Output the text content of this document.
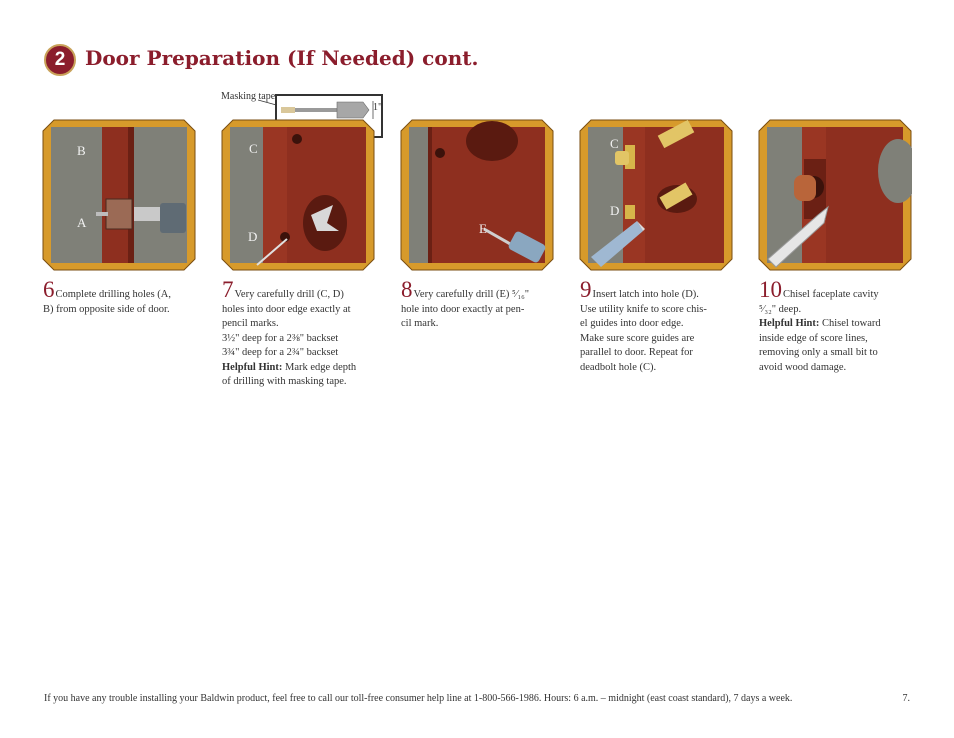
2 Door Preparation (If Needed) cont.
Masking tape
1"
B
A
C
D
E
C
D
6Complete drilling holes (A,
B) from opposite side of door.
7Very carefully drill (C, D)
holes into door edge exactly at
pencil marks.
3½" deep for a 2⅜" backset
3¾" deep for a 2¾" backset
Helpful Hint: Mark edge depth
of drilling with masking tape.
8Very carefully drill (E) ⁵⁄₁₆"
hole into door exactly at pen-
cil mark.
9Insert latch into hole (D).
Use utility knife to score chis-
el guides into door edge.
Make sure score guides are
parallel to door. Repeat for
deadbolt hole (C).
10Chisel faceplate cavity
⁵⁄₃₂" deep.
Helpful Hint: Chisel toward
inside edge of score lines,
removing only a small bit to
avoid wood damage.
If you have any trouble installing your Baldwin product, feel free to call our toll-free consumer help line at 1-800-566-1986. Hours: 6 a.m. – midnight (east coast standard), 7 days a week.	7.
